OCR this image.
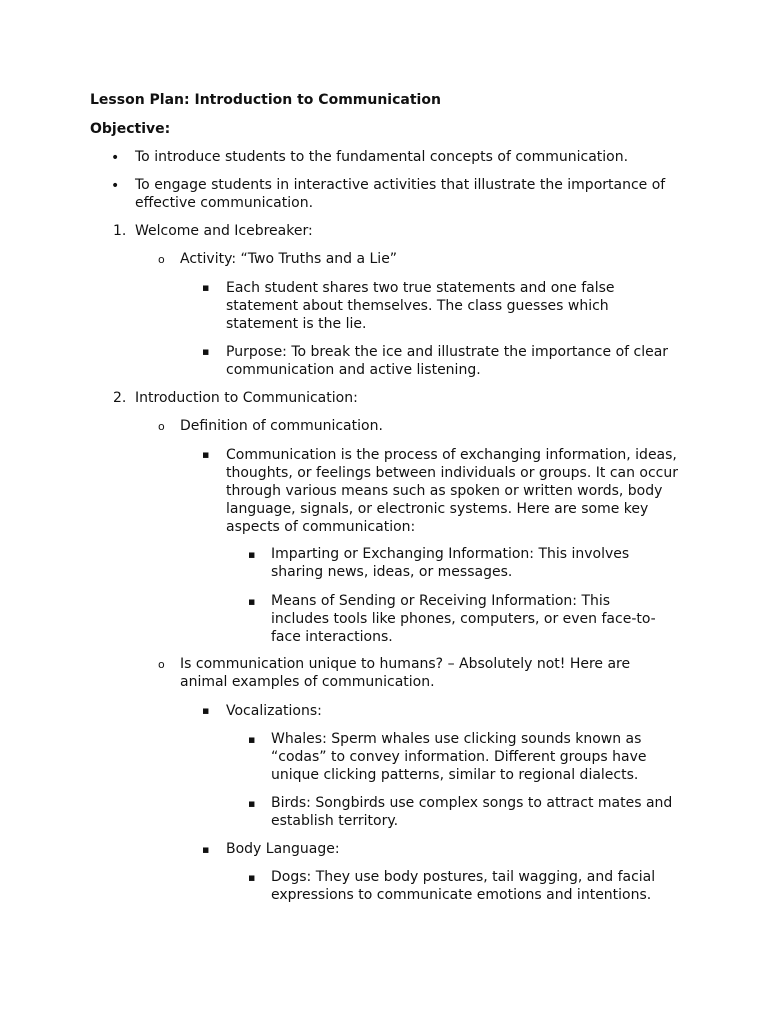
Lesson Plan: Introduction to Communication
Objective:
• To introduce students to the fundamental concepts of communication.
• To engage students in interactive activities that illustrate the importance of effective communication.
1. Welcome and Icebreaker:
o Activity: “Two Truths and a Lie”
▪ Each student shares two true statements and one false statement about themselves. The class guesses which statement is the lie.
▪ Purpose: To break the ice and illustrate the importance of clear communication and active listening.
2. Introduction to Communication:
o Definition of communication.
▪ Communication is the process of exchanging information, ideas, thoughts, or feelings between individuals or groups. It can occur through various means such as spoken or written words, body language, signals, or electronic systems. Here are some key aspects of communication:
▪ Imparting or Exchanging Information: This involves sharing news, ideas, or messages.
▪ Means of Sending or Receiving Information: This includes tools like phones, computers, or even face-to-face interactions.
o Is communication unique to humans? – Absolutely not! Here are animal examples of communication.
▪ Vocalizations:
▪ Whales: Sperm whales use clicking sounds known as “codas” to convey information. Different groups have unique clicking patterns, similar to regional dialects.
▪ Birds: Songbirds use complex songs to attract mates and establish territory.
▪ Body Language:
▪ Dogs: They use body postures, tail wagging, and facial expressions to communicate emotions and intentions.
